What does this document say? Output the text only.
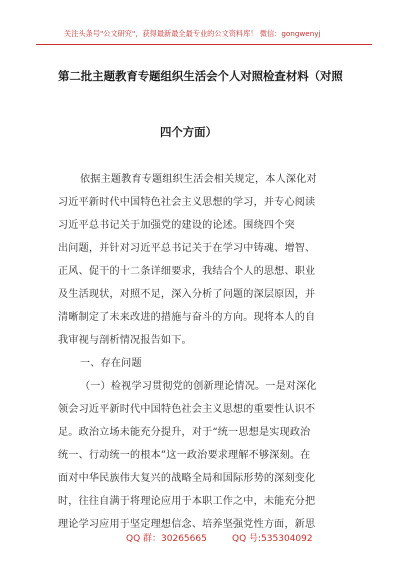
关注头条号"公文研究"，获得最新最全最专业的公文资料库！ 微信：gongwenyj
第二批主题教育专题组织生活会个人对照检查材料（对照
四个方面）
依据主题教育专题组织生活会相关规定，本人深化对
习近平新时代中国特色社会主义思想的学习，并专心阅读
习近平总书记关于加强党的建设的论述。围绕四个突
出问题，并针对习近平总书记关于在学习中铸魂、增智、
正风、促干的十二条详细要求，我结合个人的思想、职业
及生活现状，对照不足，深入分析了问题的深层原因，并
清晰制定了未来改进的措施与奋斗的方向。现将本人的自
我审视与剖析情况报告如下。
一、存在问题
（一）检视学习贯彻党的创新理论情况。一是对深化
领会习近平新时代中国特色社会主义思想的重要性认识不
足。政治立场未能充分提升，对于“统一思想是实现政治
统一、行动统一的根本”这一政治要求理解不够深刻。在
面对中华民族伟大复兴的战略全局和国际形势的深刻变化
时，往往自满于将理论应用于本职工作之中，未能充分把
理论学习应用于坚定理想信念、培养坚强党性方面，新思
QQ 群：30265665	QQ 号:535304092
